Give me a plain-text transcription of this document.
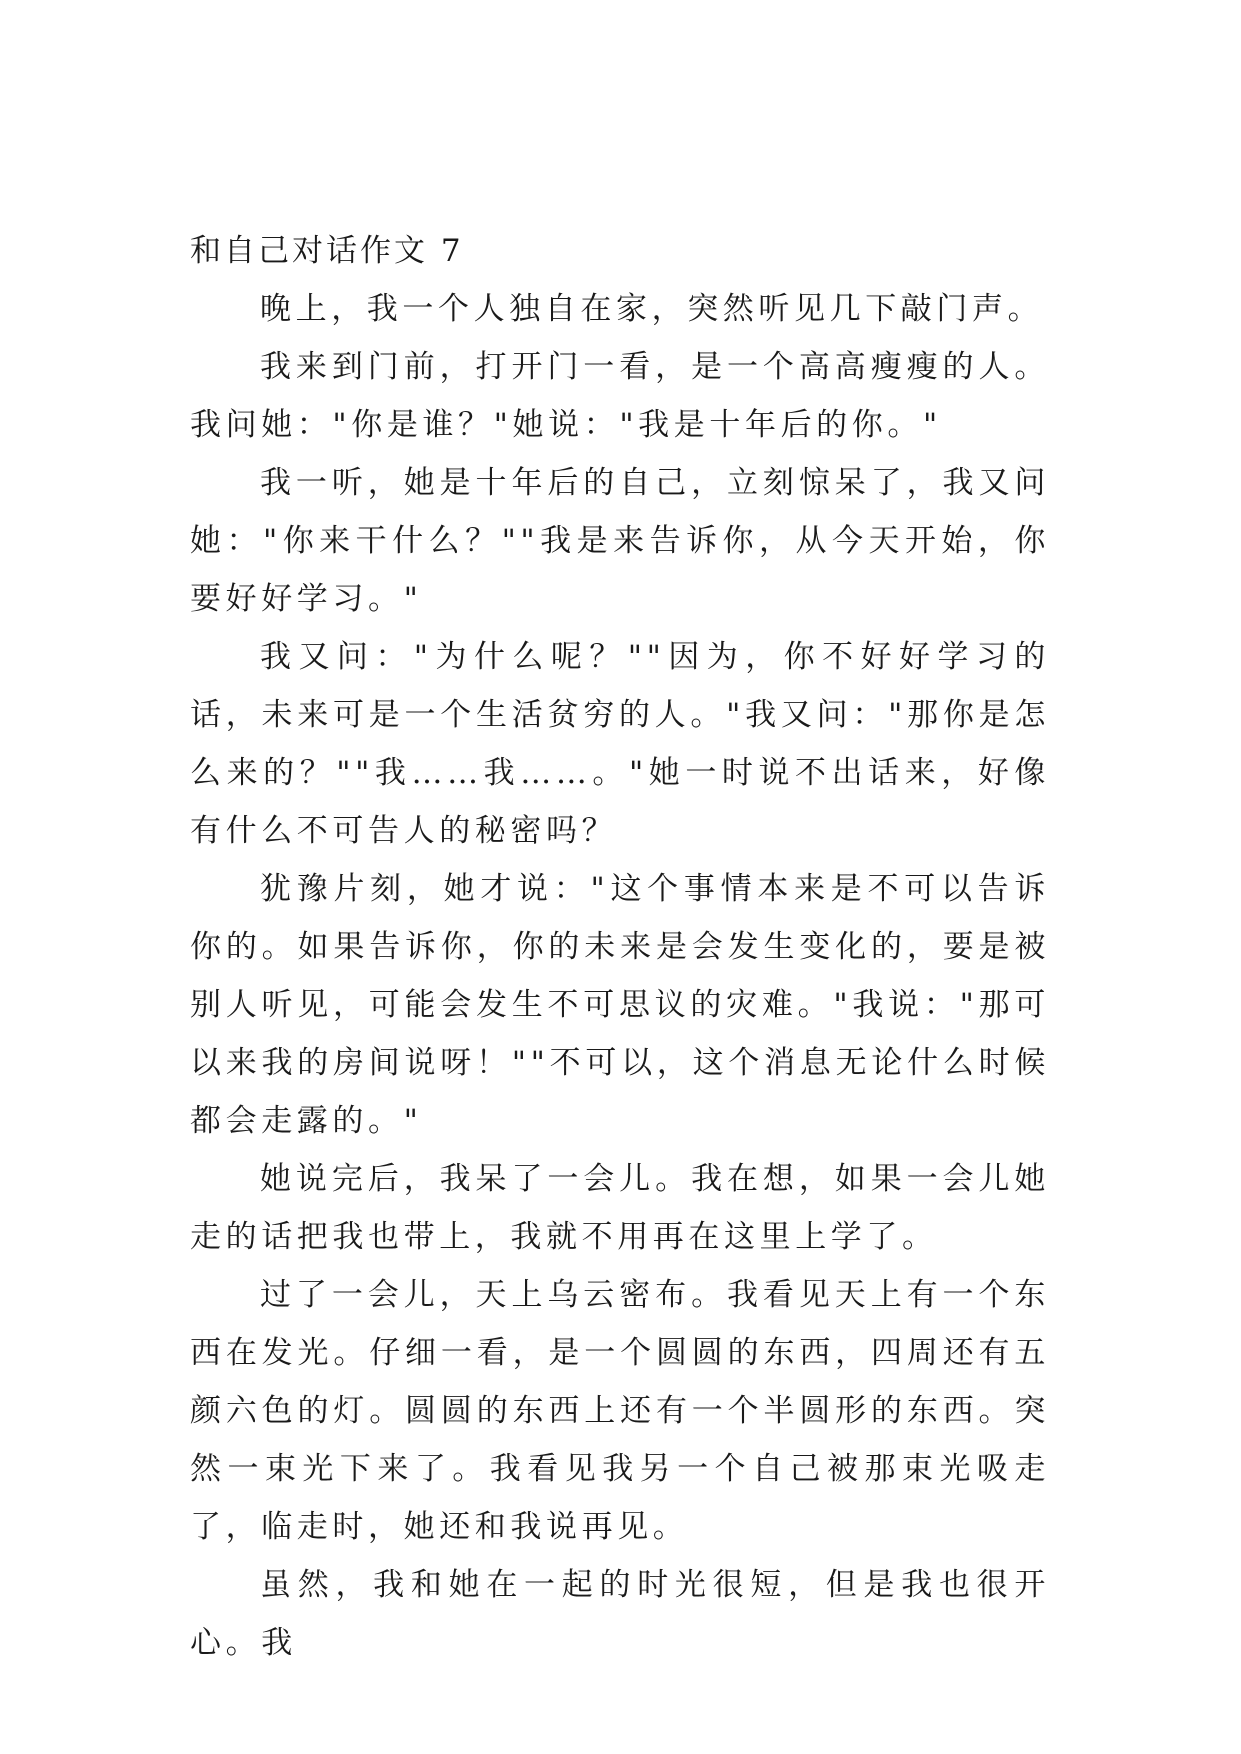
和自己对话作文 7

晚上，我一个人独自在家，突然听见几下敲门声。

我来到门前，打开门一看，是一个高高瘦瘦的人。我问她："你是谁？"她说："我是十年后的你。"

我一听，她是十年后的自己，立刻惊呆了，我又问她："你来干什么？""我是来告诉你，从今天开始，你要好好学习。"

我又问："为什么呢？""因为，你不好好学习的话，未来可是一个生活贫穷的人。"我又问："那你是怎么来的？""我……我……。"她一时说不出话来，好像有什么不可告人的秘密吗？

犹豫片刻，她才说："这个事情本来是不可以告诉你的。如果告诉你，你的未来是会发生变化的，要是被别人听见，可能会发生不可思议的灾难。"我说："那可以来我的房间说呀！""不可以，这个消息无论什么时候都会走露的。"

她说完后，我呆了一会儿。我在想，如果一会儿她走的话把我也带上，我就不用再在这里上学了。

过了一会儿，天上乌云密布。我看见天上有一个东西在发光。仔细一看，是一个圆圆的东西，四周还有五颜六色的灯。圆圆的东西上还有一个半圆形的东西。突然一束光下来了。我看见我另一个自己被那束光吸走了，临走时，她还和我说再见。

虽然，我和她在一起的时光很短，但是我也很开心。我
